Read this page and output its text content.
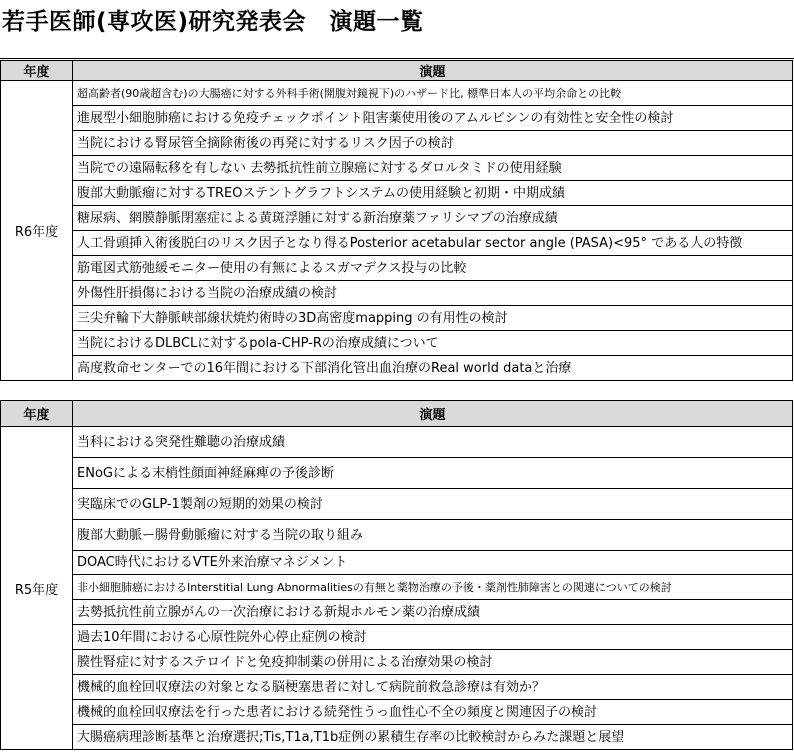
若手医師(専攻医)研究発表会　演題一覧
年度	演題
R6年度	超高齢者(90歳超含む)の大腸癌に対する外科手術(開腹対鏡視下)のハザード比, 標準日本人の平均余命との比較
	進展型小細胞肺癌における免疫チェックポイント阻害薬使用後のアムルビシンの有効性と安全性の検討
	当院における腎尿管全摘除術後の再発に対するリスク因子の検討
	当院での遠隔転移を有しない 去勢抵抗性前立腺癌に対するダロルタミドの使用経験
	腹部大動脈瘤に対するTREOステントグラフトシステムの使用経験と初期・中期成績
	糖尿病、網膜静脈閉塞症による黄斑浮腫に対する新治療薬ファリシマブの治療成績
	人工骨頭挿入術後脱臼のリスク因子となり得るPosterior acetabular sector angle (PASA)<95° である人の特徴
	筋電図式筋弛緩モニター使用の有無によるスガマデクス投与の比較
	外傷性肝損傷における当院の治療成績の検討
	三尖弁輪下大静脈峡部線状焼灼術時の3D高密度mapping の有用性の検討
	当院におけるDLBCLに対するpola-CHP-Rの治療成績について
	高度救命センターでの16年間における下部消化管出血治療のReal world dataと治療
年度	演題
R5年度	当科における突発性難聴の治療成績
	ENoGによる末梢性顔面神経麻痺の予後診断
	実臨床でのGLP-1製剤の短期的効果の検討
	腹部大動脈ー腸骨動脈瘤に対する当院の取り組み
	DOAC時代におけるVTE外来治療マネジメント
	非小細胞肺癌におけるInterstitial Lung Abnormalitiesの有無と薬物治療の予後・薬剤性肺障害との関連についての検討
	去勢抵抗性前立腺がんの一次治療における新規ホルモン薬の治療成績
	過去10年間における心原性院外心停止症例の検討
	膜性腎症に対するステロイドと免疫抑制薬の併用による治療効果の検討
	機械的血栓回収療法の対象となる脳梗塞患者に対して病院前救急診療は有効か？
	機械的血栓回収療法を行った患者における続発性うっ血性心不全の頻度と関連因子の検討
	大腸癌病理診断基準と治療選択;Tis,T1a,T1b症例の累積生存率の比較検討からみた課題と展望
